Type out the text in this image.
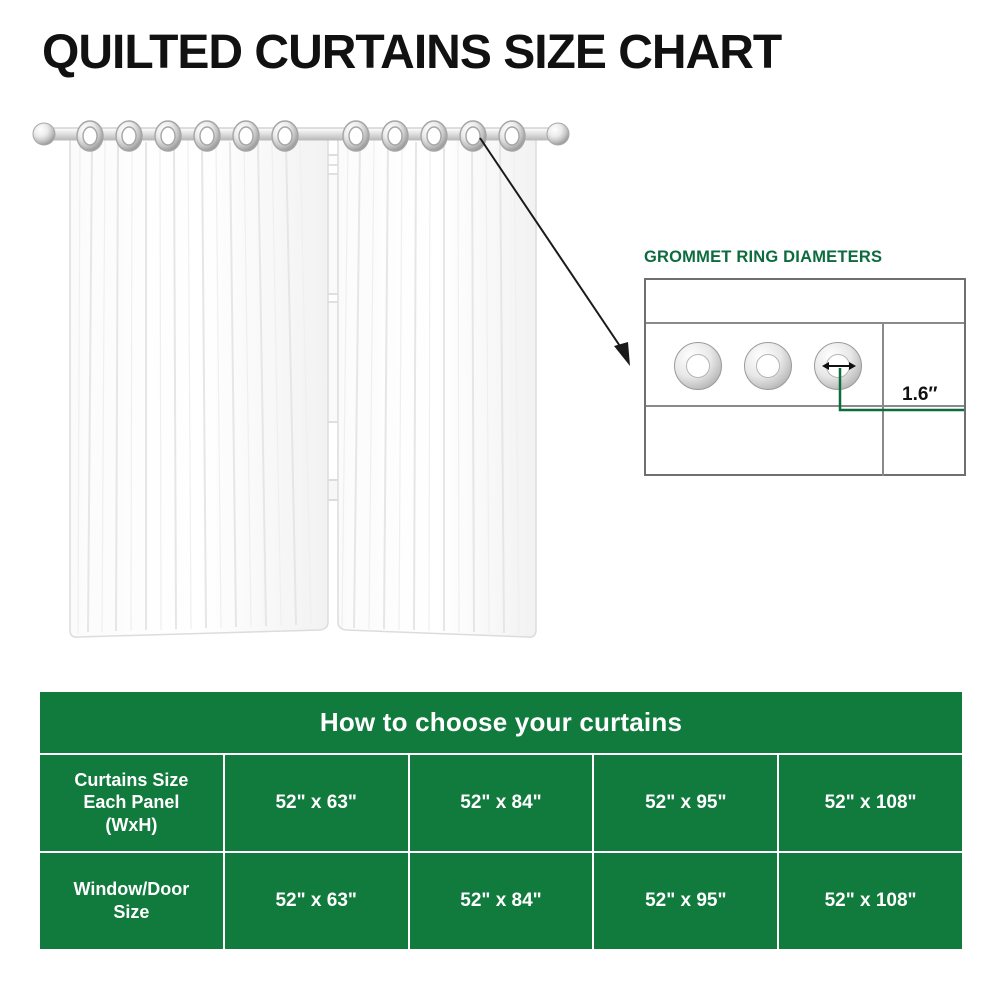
QUILTED CURTAINS SIZE CHART
GROMMET RING DIAMETERS
1.6″
How to choose your curtains				

Curtains Size
Each Panel
(WxH)	52" x 63"	52" x 84"	52" x 95"	52" x 108"

Window/Door
Size	52" x 63"	52" x 84"	52" x 95"	52" x 108"
